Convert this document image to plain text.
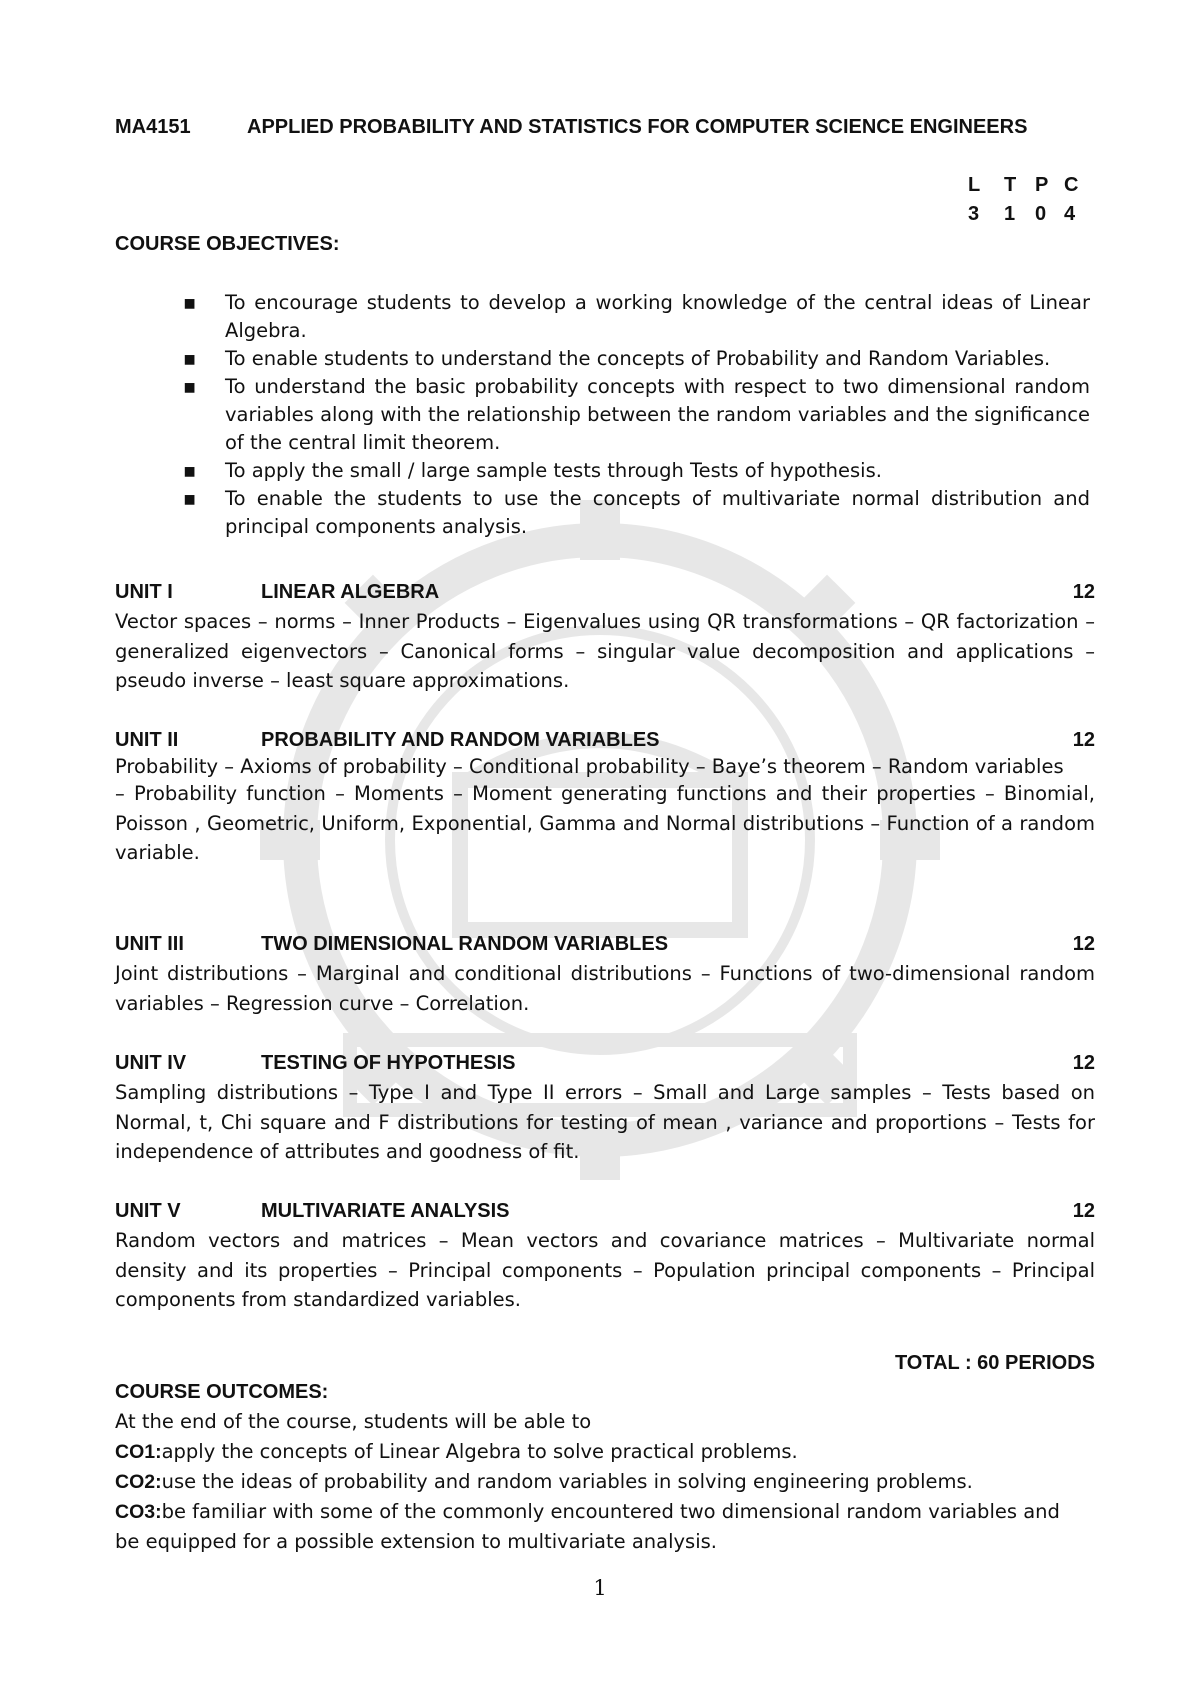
MA4151	APPLIED PROBABILITY AND STATISTICS FOR COMPUTER SCIENCE ENGINEERS
L	T P C
3	1 0 4
COURSE OBJECTIVES:
▪ To encourage students to develop a working knowledge of the central ideas of Linear Algebra.
▪ To enable students to understand the concepts of Probability and Random Variables.
▪ To understand the basic probability concepts with respect to two dimensional random variables along with the relationship between the random variables and the significance of the central limit theorem.
▪ To apply the small / large sample tests through Tests of hypothesis.
▪ To enable the students to use the concepts of multivariate normal distribution and principal components analysis.
UNIT I	LINEAR ALGEBRA	12
Vector spaces – norms – Inner Products – Eigenvalues using QR transformations – QR factorization – generalized eigenvectors – Canonical forms – singular value decomposition and applications – pseudo inverse – least square approximations.
UNIT II	PROBABILITY AND RANDOM VARIABLES	12
Probability – Axioms of probability – Conditional probability – Baye’s theorem – Random variables
– Probability function – Moments – Moment generating functions and their properties – Binomial, Poisson , Geometric, Uniform, Exponential, Gamma and Normal distributions – Function of a random variable.
UNIT III	TWO DIMENSIONAL RANDOM VARIABLES	12
Joint distributions – Marginal and conditional distributions – Functions of two-dimensional random variables – Regression curve – Correlation.
UNIT IV	TESTING OF HYPOTHESIS	12
Sampling distributions – Type I and Type II errors – Small and Large samples – Tests based on Normal, t, Chi square and F distributions for testing of mean , variance and proportions – Tests for independence of attributes and goodness of fit.
UNIT V	MULTIVARIATE ANALYSIS	12
Random vectors and matrices – Mean vectors and covariance matrices – Multivariate normal density and its properties – Principal components – Population principal components – Principal components from standardized variables.
TOTAL : 60 PERIODS
COURSE OUTCOMES:
At the end of the course, students will be able to
CO1:apply the concepts of Linear Algebra to solve practical problems.
CO2:use the ideas of probability and random variables in solving engineering problems.
CO3:be familiar with some of the commonly encountered two dimensional random variables and be equipped for a possible extension to multivariate analysis.
1
